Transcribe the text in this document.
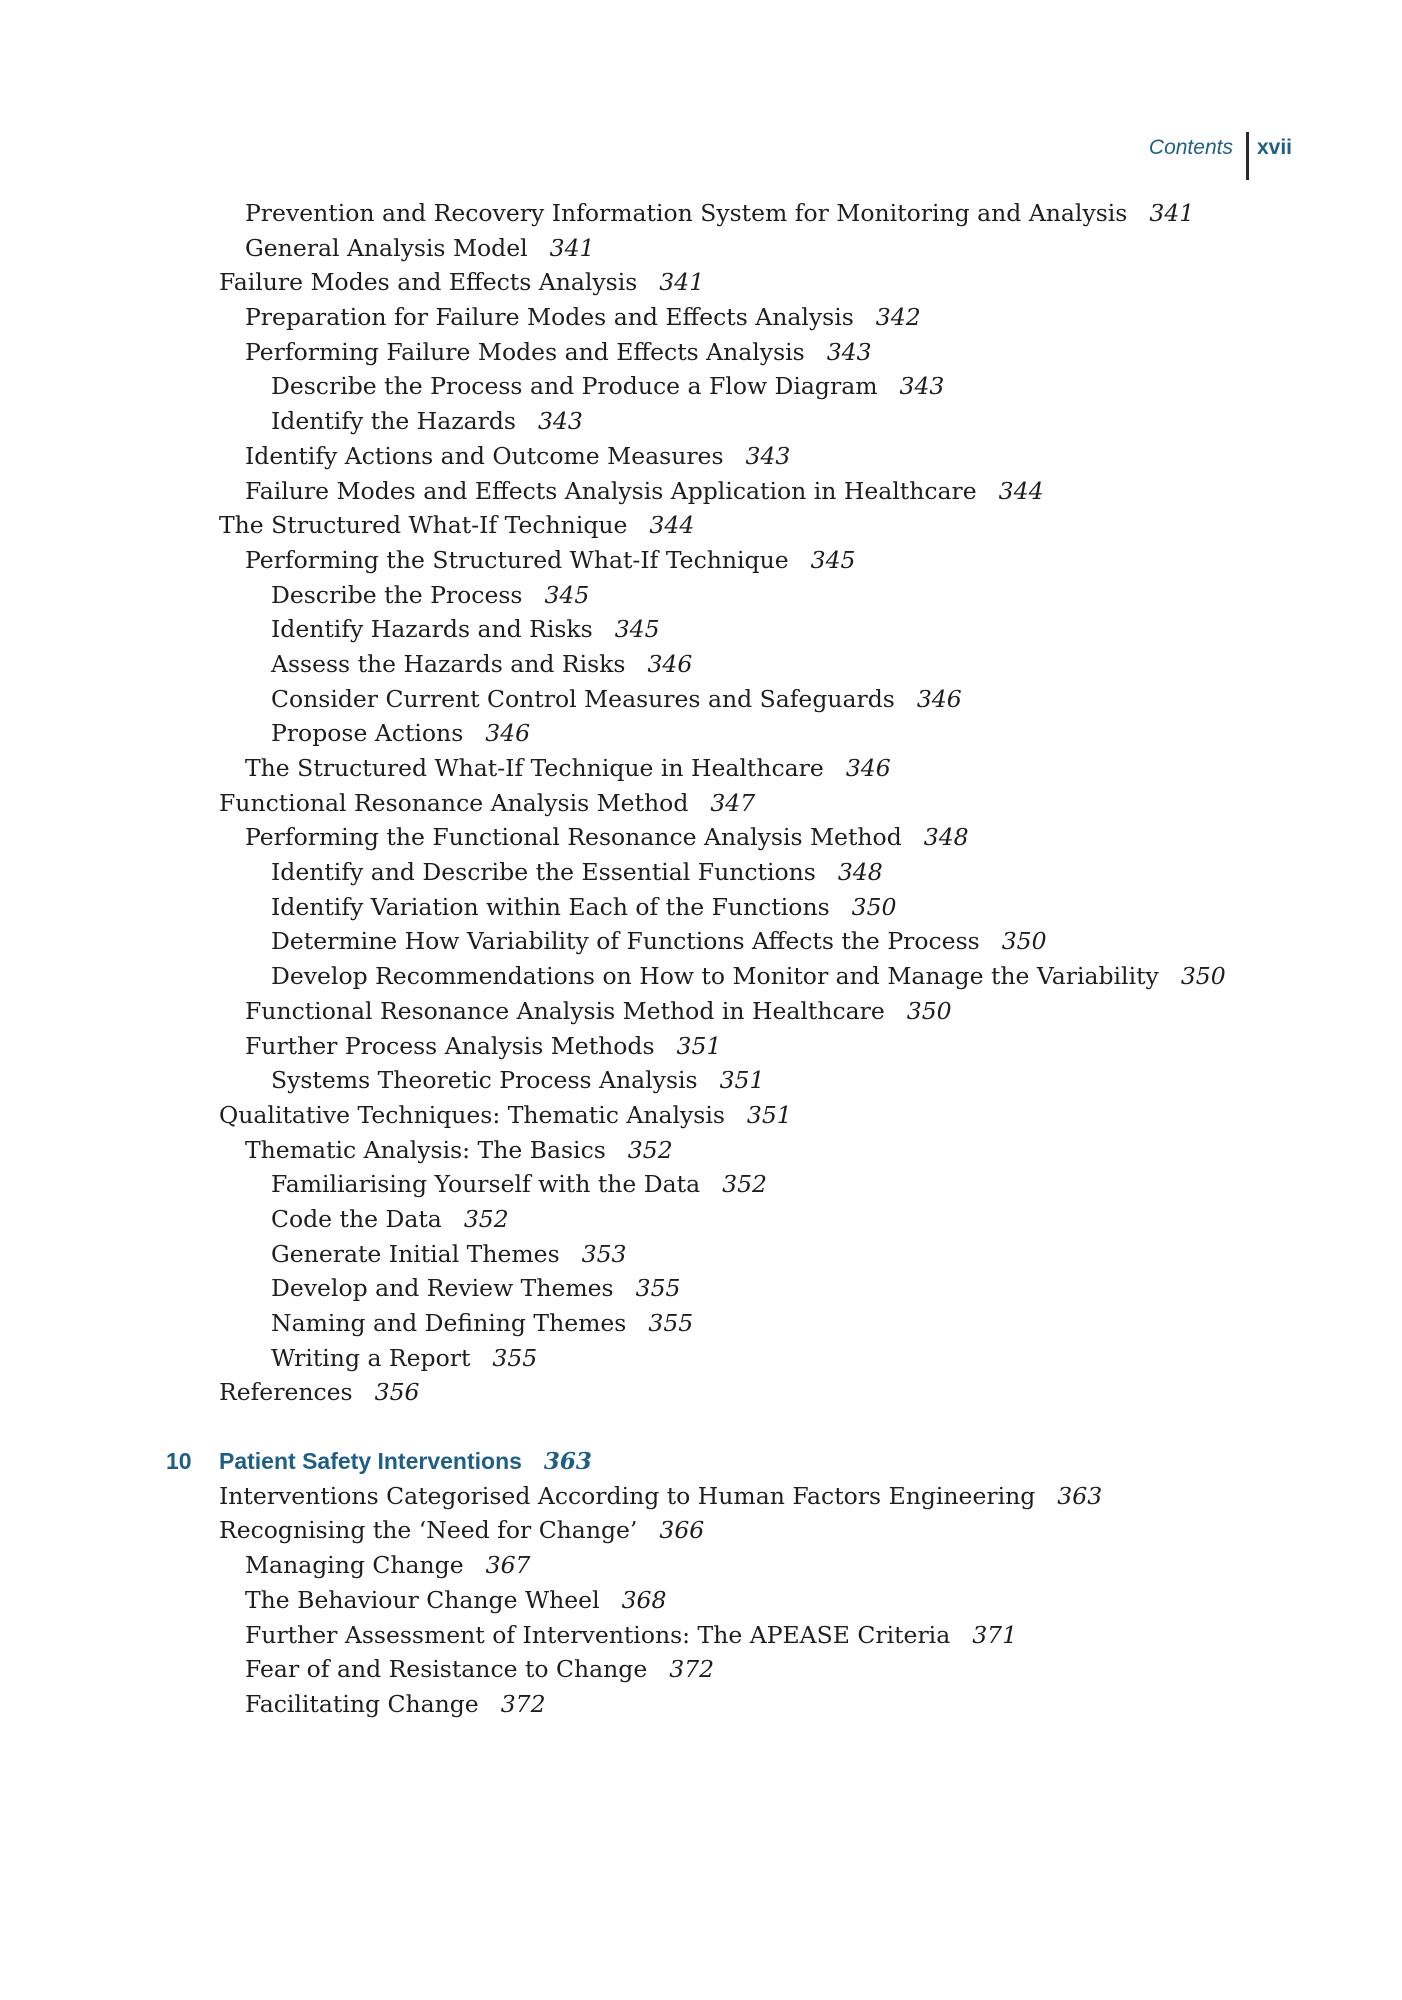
Contents	xvii
Prevention and Recovery Information System for Monitoring and Analysis 341
General Analysis Model 341
Failure Modes and Effects Analysis 341
Preparation for Failure Modes and Effects Analysis 342
Performing Failure Modes and Effects Analysis 343
Describe the Process and Produce a Flow Diagram 343
Identify the Hazards 343
Identify Actions and Outcome Measures 343
Failure Modes and Effects Analysis Application in Healthcare 344
The Structured What-If Technique 344
Performing the Structured What-If Technique 345
Describe the Process 345
Identify Hazards and Risks 345
Assess the Hazards and Risks 346
Consider Current Control Measures and Safeguards 346
Propose Actions 346
The Structured What-If Technique in Healthcare 346
Functional Resonance Analysis Method 347
Performing the Functional Resonance Analysis Method 348
Identify and Describe the Essential Functions 348
Identify Variation within Each of the Functions 350
Determine How Variability of Functions Affects the Process 350
Develop Recommendations on How to Monitor and Manage the Variability 350
Functional Resonance Analysis Method in Healthcare 350
Further Process Analysis Methods 351
Systems Theoretic Process Analysis 351
Qualitative Techniques: Thematic Analysis 351
Thematic Analysis: The Basics 352
Familiarising Yourself with the Data 352
Code the Data 352
Generate Initial Themes 353
Develop and Review Themes 355
Naming and Defining Themes 355
Writing a Report 355
References 356
10 Patient Safety Interventions 363
Interventions Categorised According to Human Factors Engineering 363
Recognising the ‘Need for Change’ 366
Managing Change 367
The Behaviour Change Wheel 368
Further Assessment of Interventions: The APEASE Criteria 371
Fear of and Resistance to Change 372
Facilitating Change 372
